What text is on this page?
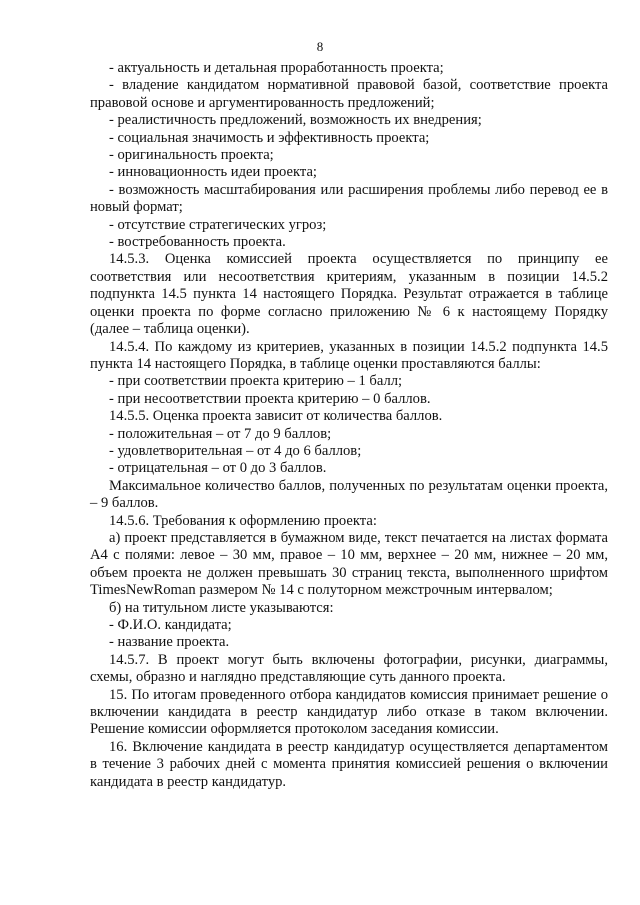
8

- актуальность и детальная проработанность проекта;

- владение кандидатом нормативной правовой базой, соответствие проекта правовой основе и аргументированность предложений;

- реалистичность предложений, возможность их внедрения;

- социальная значимость и эффективность проекта;

- оригинальность проекта;

- инновационность идеи проекта;

- возможность масштабирования или расширения проблемы либо перевод ее в новый формат;

- отсутствие стратегических угроз;

- востребованность проекта.

14.5.3. Оценка комиссией проекта осуществляется по принципу ее соответствия или несоответствия критериям, указанным в позиции 14.5.2 подпункта 14.5 пункта 14 настоящего Порядка. Результат отражается в таблице оценки проекта по форме согласно приложению № 6 к настоящему Порядку (далее – таблица оценки).

14.5.4. По каждому из критериев, указанных в позиции 14.5.2 подпункта 14.5 пункта 14 настоящего Порядка, в таблице оценки проставляются баллы:

- при соответствии проекта критерию – 1 балл;

- при несоответствии проекта критерию – 0 баллов.

14.5.5. Оценка проекта зависит от количества баллов.

- положительная – от 7 до 9 баллов;

- удовлетворительная – от 4 до 6 баллов;

- отрицательная – от 0 до 3 баллов.

Максимальное количество баллов, полученных по результатам оценки проекта, – 9 баллов.

14.5.6. Требования к оформлению проекта:

а) проект представляется в бумажном виде, текст печатается на листах формата А4 с полями: левое – 30 мм, правое – 10 мм, верхнее – 20 мм, нижнее – 20 мм, объем проекта не должен превышать 30 страниц текста, выполненного шрифтом TimesNewRoman размером № 14 с полуторном межстрочным интервалом;

б) на титульном листе указываются:

- Ф.И.О. кандидата;

- название проекта.

14.5.7. В проект могут быть включены фотографии, рисунки, диаграммы, схемы, образно и наглядно представляющие суть данного проекта.

15. По итогам проведенного отбора кандидатов комиссия принимает решение о включении кандидата в реестр кандидатур либо отказе в таком включении. Решение комиссии оформляется протоколом заседания комиссии.

16. Включение кандидата в реестр кандидатур осуществляется департаментом в течение 3 рабочих дней с момента принятия комиссией решения о включении кандидата в реестр кандидатур.
